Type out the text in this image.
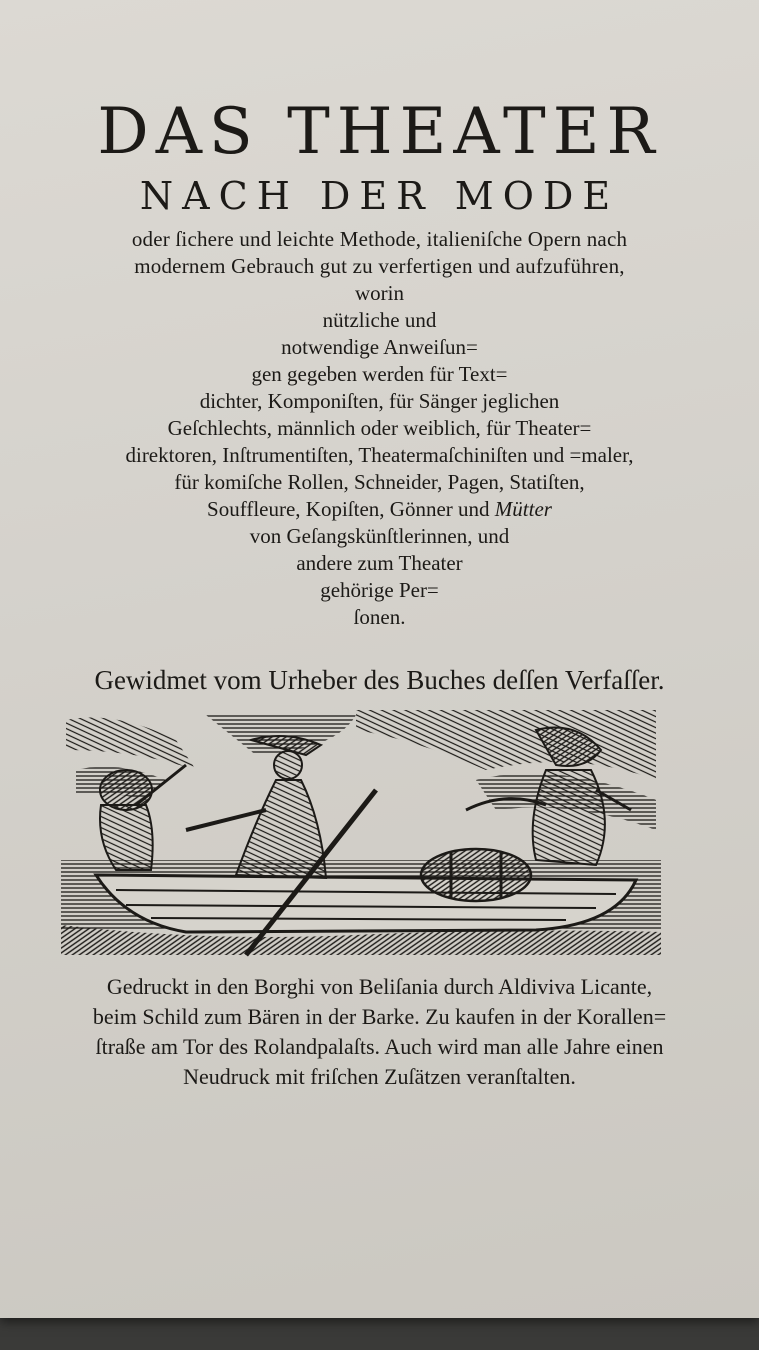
DAS THEATER
NACH DER MODE
oder ſichere und leichte Methode, italieniſche Opern nach
modernem Gebrauch gut zu verfertigen und aufzuführen,
worin
nützliche und
notwendige Anweiſun=
gen gegeben werden für Text=
dichter, Komponiſten, für Sänger jeglichen
Geſchlechts, männlich oder weiblich, für Theater=
direktoren, Inſtrumentiſten, Theatermaſchiniſten und =maler,
für komiſche Rollen, Schneider, Pagen, Statiſten,
Souffleure, Kopiſten, Gönner und Mütter
von Geſangskünſtlerinnen, und
andere zum Theater
gehörige Per=
ſonen.
Gewidmet vom Urheber des Buches deſſen Verfaſſer.
Gedruckt in den Borghi von Beliſania durch Aldiviva Licante,
beim Schild zum Bären in der Barke. Zu kaufen in der Korallen=
ſtraße am Tor des Rolandpalaſts. Auch wird man alle Jahre einen
Neudruck mit friſchen Zuſätzen veranſtalten.
